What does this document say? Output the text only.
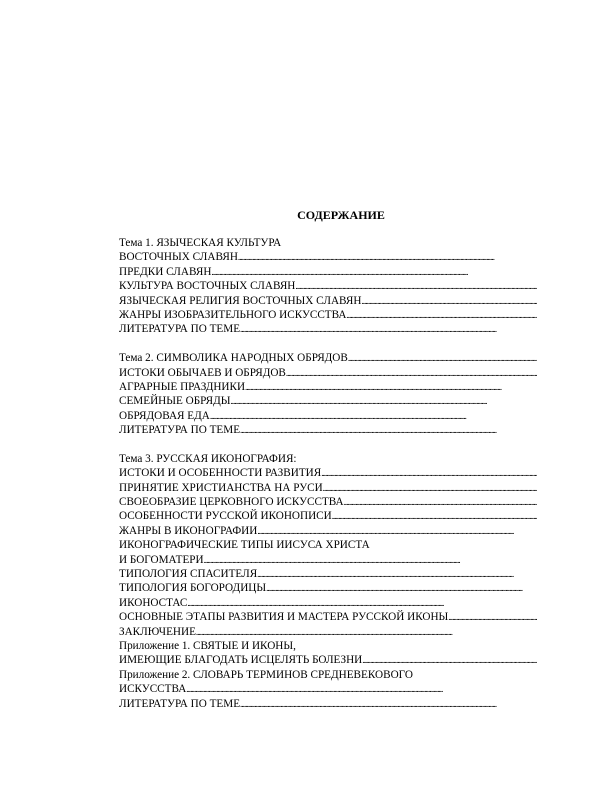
СОДЕРЖАНИЕ
Тема 1. ЯЗЫЧЕСКАЯ КУЛЬТУРА
ВОСТОЧНЫХ СЛАВЯН . . .
ПРЕДКИ СЛАВЯН . . .
КУЛЬТУРА ВОСТОЧНЫХ СЛАВЯН . . .
ЯЗЫЧЕСКАЯ РЕЛИГИЯ ВОСТОЧНЫХ СЛАВЯН . . .
ЖАНРЫ ИЗОБРАЗИТЕЛЬНОГО ИСКУССТВА . . .
ЛИТЕРАТУРА ПО ТЕМЕ . . .
Тема 2. СИМВОЛИКА НАРОДНЫХ ОБРЯДОВ . . .
ИСТОКИ ОБЫЧАЕВ И ОБРЯДОВ . . .
АГРАРНЫЕ ПРАЗДНИКИ . . .
СЕМЕЙНЫЕ ОБРЯДЫ . . .
ОБРЯДОВАЯ ЕДА . . .
ЛИТЕРАТУРА ПО ТЕМЕ . . .
Тема 3. РУССКАЯ ИКОНОГРАФИЯ:
ИСТОКИ И ОСОБЕННОСТИ РАЗВИТИЯ . . .
ПРИНЯТИЕ ХРИСТИАНСТВА НА РУСИ . . .
СВОЕОБРАЗИЕ ЦЕРКОВНОГО ИСКУССТВА . . .
ОСОБЕННОСТИ РУССКОЙ ИКОНОПИСИ . . .
ЖАНРЫ В ИКОНОГРАФИИ . . .
ИКОНОГРАФИЧЕСКИЕ ТИПЫ ИИСУСА ХРИСТА
И БОГОМАТЕРИ . . .
ТИПОЛОГИЯ СПАСИТЕЛЯ . . .
ТИПОЛОГИЯ БОГОРОДИЦЫ . . .
ИКОНОСТАС . . .
ОСНОВНЫЕ ЭТАПЫ РАЗВИТИЯ И МАСТЕРА РУССКОЙ ИКОНЫ . . .
ЗАКЛЮЧЕНИЕ . . .
Приложение 1. СВЯТЫЕ И ИКОНЫ,
ИМЕЮЩИЕ БЛАГОДАТЬ ИСЦЕЛЯТЬ БОЛЕЗНИ . . .
Приложение 2. СЛОВАРЬ ТЕРМИНОВ СРЕДНЕВЕКОВОГО
ИСКУССТВА . . .
ЛИТЕРАТУРА ПО ТЕМЕ . . .
